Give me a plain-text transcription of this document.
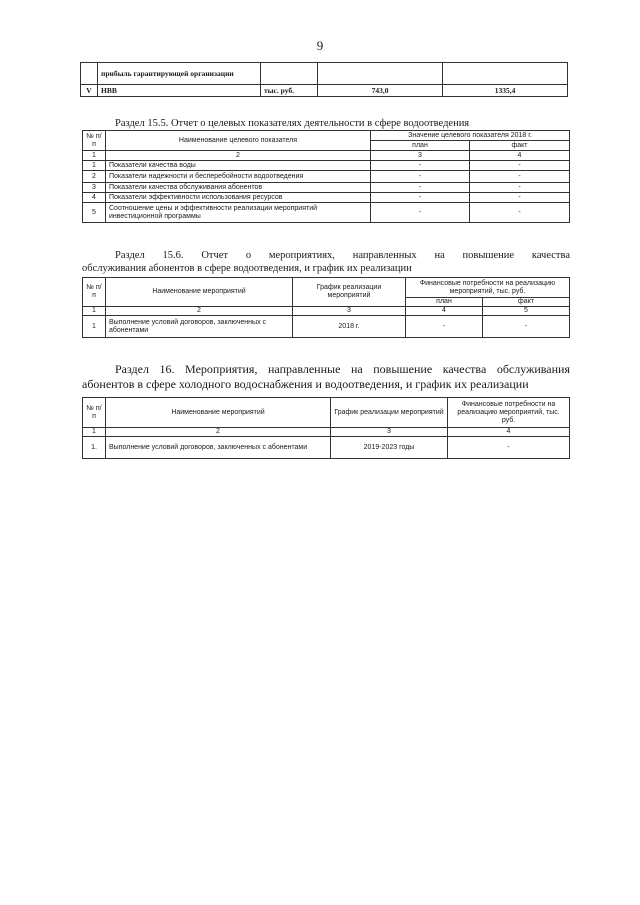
9
	прибыль гарантирующей организации			
V	НВВ	тыс. руб.	743,0	1335,4
Раздел 15.5. Отчет о целевых показателях деятельности в сфере водоотведения
№ п/п	Наименование целевого показателя	Значение целевого показателя 2018 г.	
		план	факт
1	2	3	4
1	Показатели качества воды	-	-
2	Показатели надежности и бесперебойности водоотведения	-	-
3	Показатели качества обслуживания абонентов	-	-
4	Показатели эффективности использования ресурсов	-	-
5	Соотношение цены и эффективности реализации мероприятий инвестиционной программы	-	-
Раздел 15.6. Отчет о мероприятиях, направленных на повышение качества
обслуживания абонентов в сфере водоотведения, и график их реализации
№ п/п	Наименование мероприятий	График реализации мероприятий	Финансовые потребности на реализацию мероприятий, тыс. руб.	
			план	факт
1	2	3	4	5
1	Выполнение условий договоров, заключенных с абонентами	2018 г.	-	-
Раздел 16. Мероприятия, направленные на повышение качества обслуживания
абонентов в сфере холодного водоснабжения и водоотведения, и график их реализации
№ п/п	Наименование мероприятий	График реализации мероприятий	Финансовые потребности на реализацию мероприятий, тыс. руб.
1	2	3	4
1.	Выполнение условий договоров, заключенных с абонентами	2019-2023 годы	-
